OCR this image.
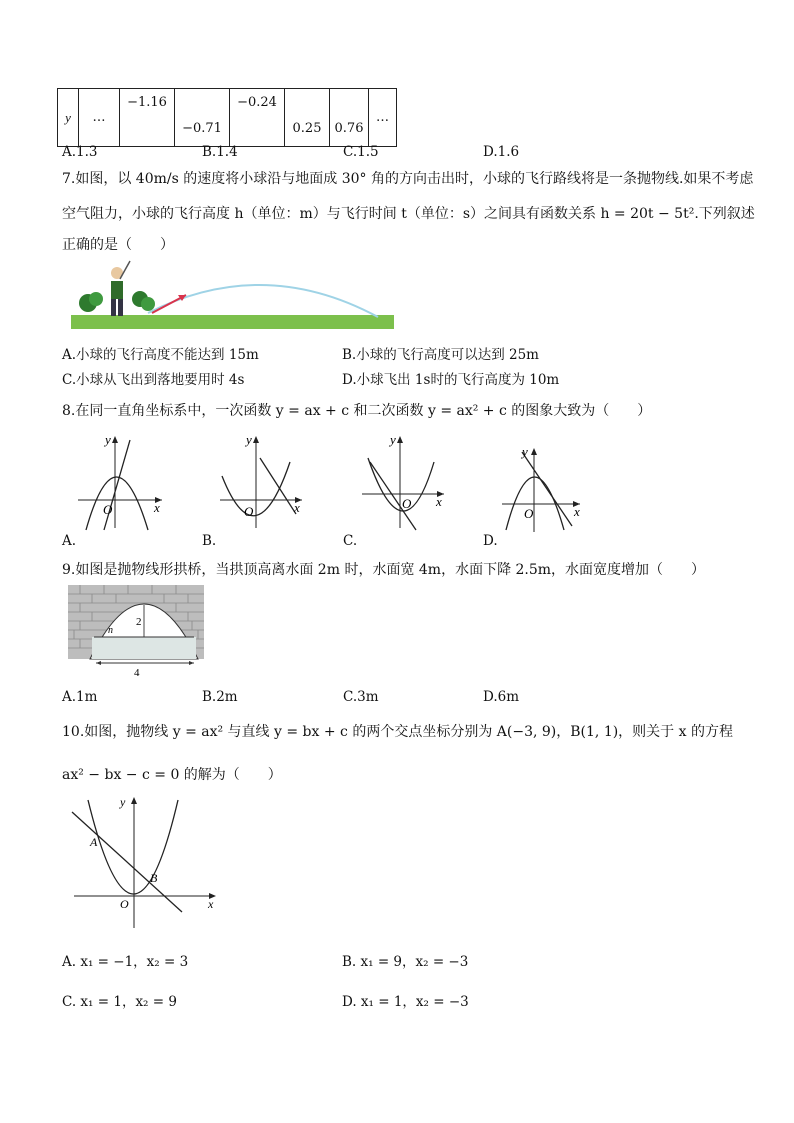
y	…	−1.16	−0.71	−0.24	0.25	0.76	…
A.1.3	B.1.4	C.1.5	D.1.6
7.如图，以 40m/s 的速度将小球沿与地面成 30° 角的方向击出时，小球的飞行路线将是一条抛物线.如果不考虑
空气阻力，小球的飞行高度 h（单位：m）与飞行时间 t（单位：s）之间具有函数关系 h = 20t − 5t².下列叙述
正确的是（　　）
A.小球的飞行高度不能达到 15m	B.小球的飞行高度可以达到 25m
C.小球从飞出到落地要用时 4s	D.小球飞出 1s时的飞行高度为 10m
8.在同一直角坐标系中，一次函数 y = ax + c 和二次函数 y = ax² + c 的图象大致为（　　）
x
y
O
A.
x
y
O
B.
x
y
O
C.
x
y
O
D.
9.如图是抛物线形拱桥，当拱顶高离水面 2m 时，水面宽 4m，水面下降 2.5m，水面宽度增加（　　）
2
n
4
A.1m	B.2m	C.3m	D.6m
10.如图，抛物线 y = ax² 与直线 y = bx + c 的两个交点坐标分别为 A(−3, 9)，B(1, 1)，则关于 x 的方程
ax² − bx − c = 0 的解为（　　）
A
B
O	x
y
A. x₁ = −1，x₂ = 3	B. x₁ = 9，x₂ = −3
C. x₁ = 1，x₂ = 9	D. x₁ = 1，x₂ = −3
